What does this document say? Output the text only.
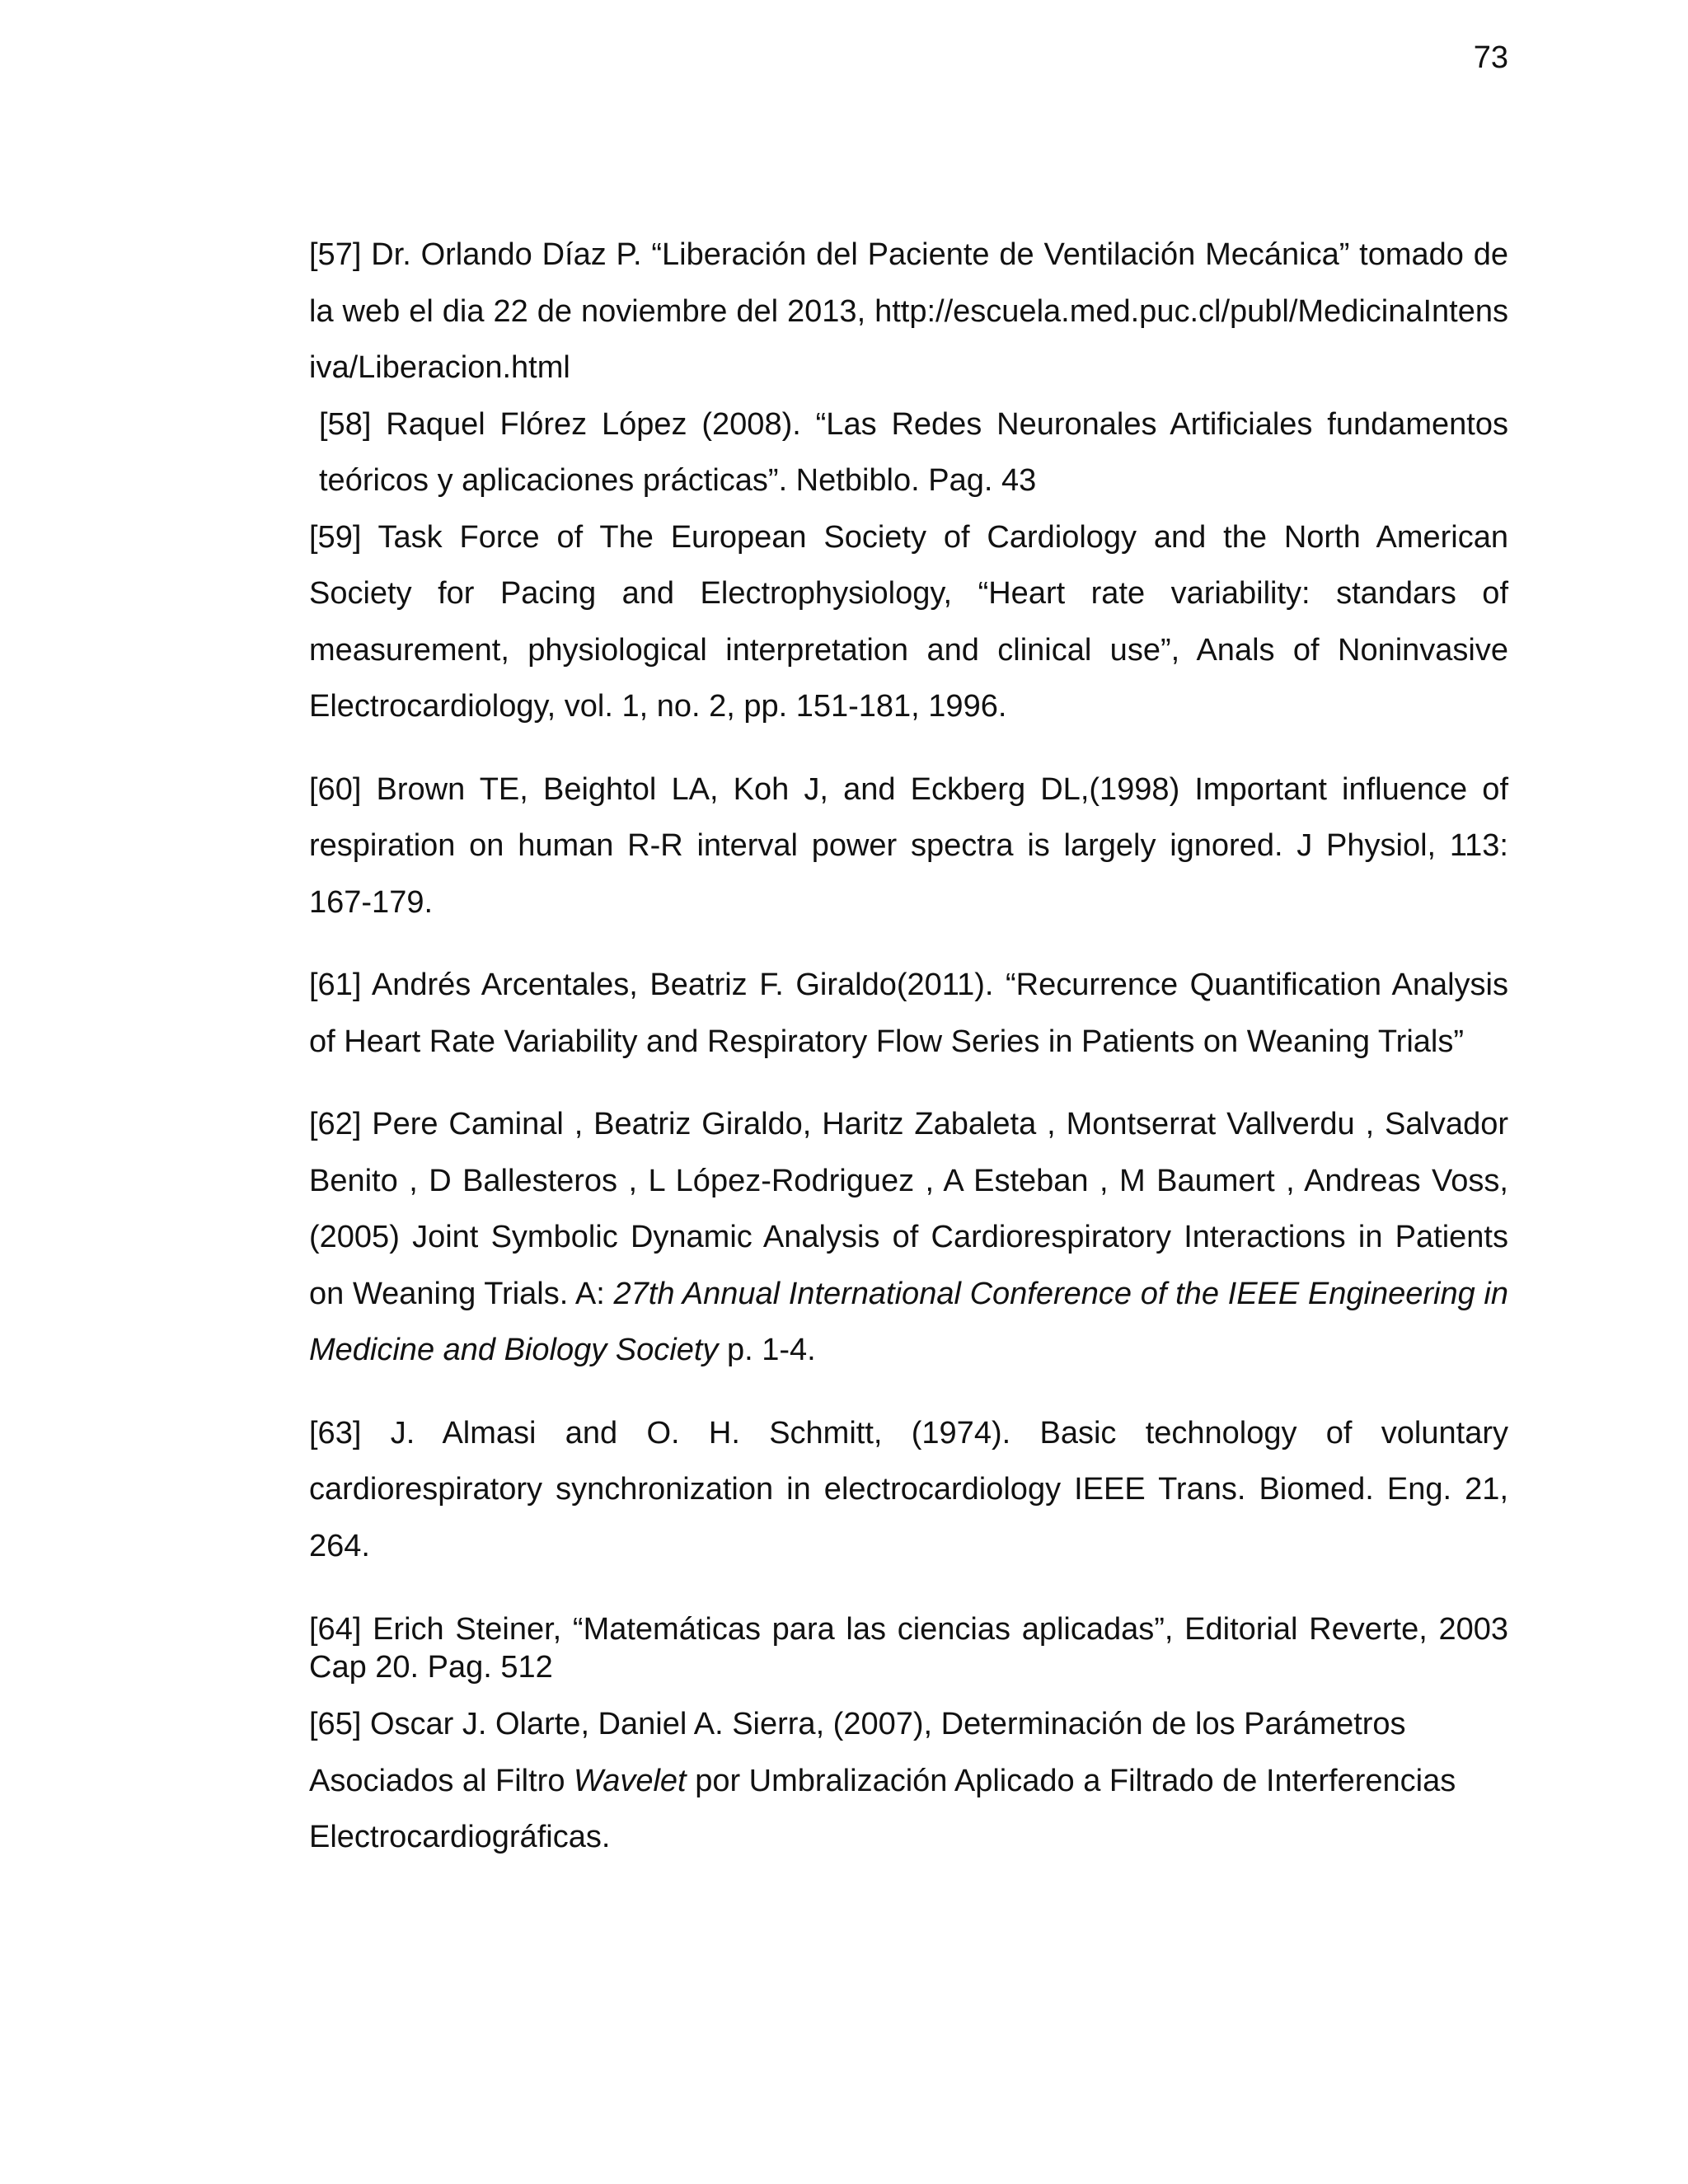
73

[57] Dr. Orlando Díaz P. “Liberación del Paciente de Ventilación Mecánica” tomado de la web el dia 22 de noviembre del 2013, http://escuela.med.puc.cl/publ/MedicinaIntensiva/Liberacion.html

[58] Raquel Flórez López (2008). “Las Redes Neuronales Artificiales fundamentos teóricos y aplicaciones prácticas”. Netbiblo. Pag. 43

[59] Task Force of The European Society of Cardiology and the North American Society for Pacing and Electrophysiology, “Heart rate variability: standars of measurement, physiological interpretation and clinical use”, Anals of Noninvasive Electrocardiology, vol. 1, no. 2, pp. 151-181, 1996.

[60] Brown TE, Beightol LA, Koh J, and Eckberg DL,(1998) Important influence of respiration on human R-R interval power spectra is largely ignored. J Physiol, 113: 167-179.

[61] Andrés Arcentales, Beatriz F. Giraldo(2011). “Recurrence Quantification Analysis of Heart Rate Variability and Respiratory Flow Series in Patients on Weaning Trials”

[62] Pere Caminal , Beatriz Giraldo, Haritz Zabaleta , Montserrat Vallverdu , Salvador Benito , D Ballesteros , L López-Rodriguez , A Esteban , M Baumert , Andreas Voss, (2005) Joint Symbolic Dynamic Analysis of Cardiorespiratory Interactions in Patients on Weaning Trials. A: 27th Annual International Conference of the IEEE Engineering in Medicine and Biology Society p. 1-4.

[63] J. Almasi and O. H. Schmitt, (1974). Basic technology of voluntary cardiorespiratory synchronization in electrocardiology IEEE Trans. Biomed. Eng. 21, 264.

[64] Erich Steiner, “Matemáticas para las ciencias aplicadas”, Editorial Reverte, 2003 Cap 20. Pag. 512

[65] Oscar J. Olarte, Daniel A. Sierra, (2007), Determinación de los Parámetros Asociados al Filtro Wavelet por Umbralización Aplicado a Filtrado de Interferencias Electrocardiográficas.
